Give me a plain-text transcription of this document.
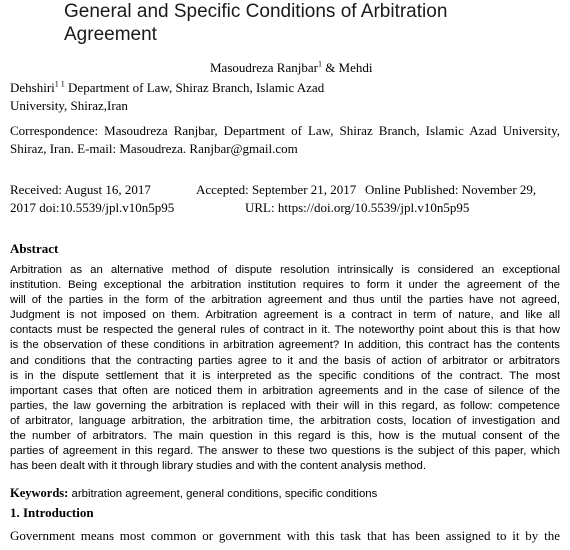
General and Specific Conditions of Arbitration
Agreement
Masoudreza Ranjbar$^1$ & Mehdi
Dehshiri$^{1 1}$ Department of Law, Shiraz Branch, Islamic Azad
University, Shiraz,Iran
Correspondence: Masoudreza Ranjbar, Department of Law, Shiraz Branch, Islamic Azad University,
Shiraz, Iran. E-mail: Masoudreza. Ranjbar@gmail.com
Received: August 16, 2017	Accepted: September 21, 2017 Online Published: November 29,
2017 doi:10.5539/jpl.v10n5p95	URL: https://doi.org/10.5539/jpl.v10n5p95
Abstract
Arbitration as an alternative method of dispute resolution intrinsically is considered an exceptional
institution. Being exceptional the arbitration institution requires to form it under the agreement of the
will of the parties in the form of the arbitration agreement and thus until the parties have not agreed,
Judgment is not imposed on them. Arbitration agreement is a contract in term of nature, and like all
contacts must be respected the general rules of contract in it. The noteworthy point about this is that how
is the observation of these conditions in arbitration agreement? In addition, this contract has the contents
and conditions that the contracting parties agree to it and the basis of action of arbitrator or arbitrators
is in the dispute settlement that it is interpreted as the specific conditions of the contract. The most
important cases that often are noticed them in arbitration agreements and in the case of silence of the
parties, the law governing the arbitration is replaced with their will in this regard, as follow: competence
of arbitrator, language arbitration, the arbitration time, the arbitration costs, location of investigation and
the number of arbitrators. The main question in this regard is this, how is the mutual consent of the
parties of agreement in this regard. The answer to these two questions is the subject of this paper, which
has been dealt with it through library studies and with the content analysis method.
Keywords: arbitration agreement, general conditions, specific conditions
1. Introduction
Government means most common or government with this task that has been assigned to it by the
